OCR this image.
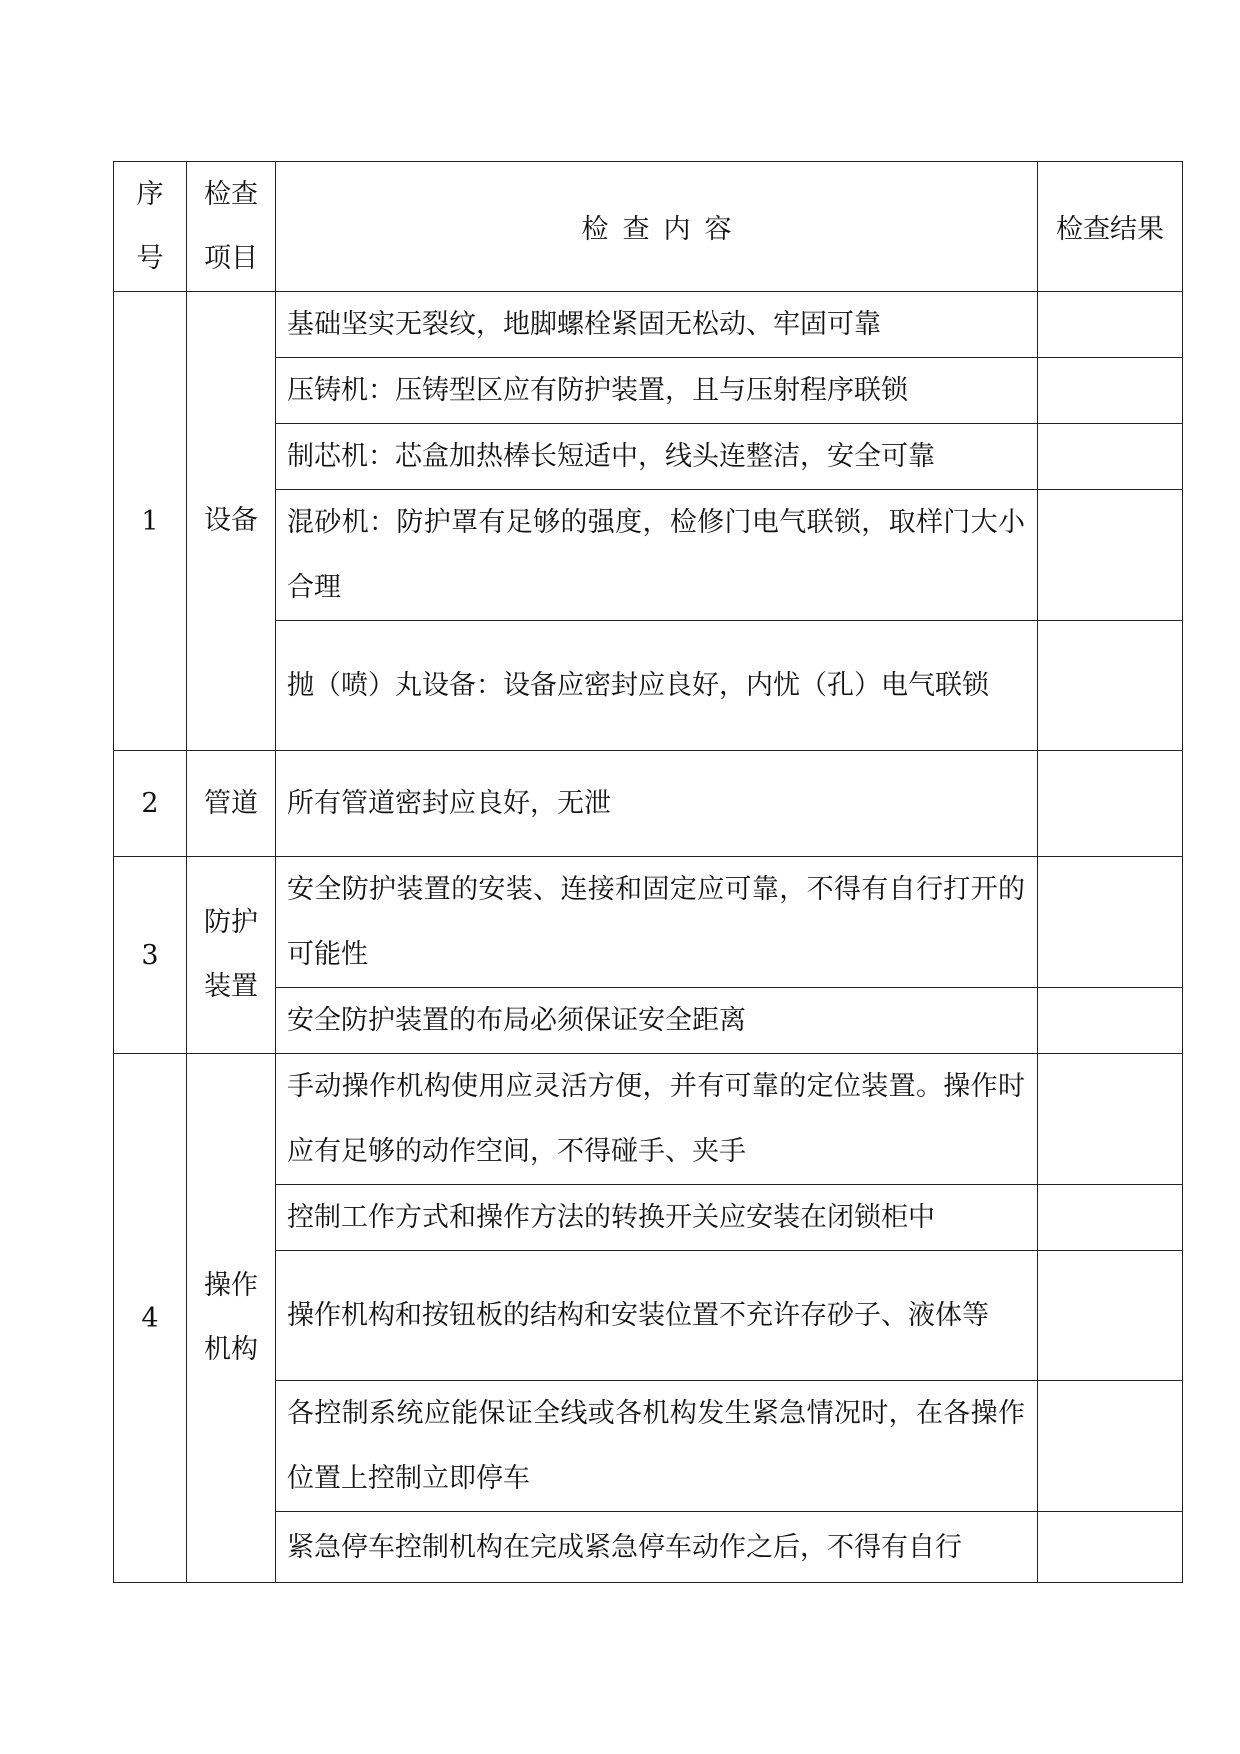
序号	检查项目	检查内容	检查结果
1	设备	基础坚实无裂纹，地脚螺栓紧固无松动、牢固可靠	
		压铸机：压铸型区应有防护装置，且与压射程序联锁	
		制芯机：芯盒加热棒长短适中，线头连整洁，安全可靠	
		混砂机：防护罩有足够的强度，检修门电气联锁，取样门大小合理	
		抛（喷）丸设备：设备应密封应良好，内忧（孔）电气联锁	
2	管道	所有管道密封应良好，无泄	
3	防护装置	安全防护装置的安装、连接和固定应可靠，不得有自行打开的可能性	
		安全防护装置的布局必须保证安全距离	
4	操作机构	手动操作机构使用应灵活方便，并有可靠的定位装置。操作时应有足够的动作空间，不得碰手、夹手	
		控制工作方式和操作方法的转换开关应安装在闭锁柜中	
		操作机构和按钮板的结构和安装位置不充许存砂子、液体等	
		各控制系统应能保证全线或各机构发生紧急情况时，在各操作位置上控制立即停车	
		紧急停车控制机构在完成紧急停车动作之后，不得有自行	
